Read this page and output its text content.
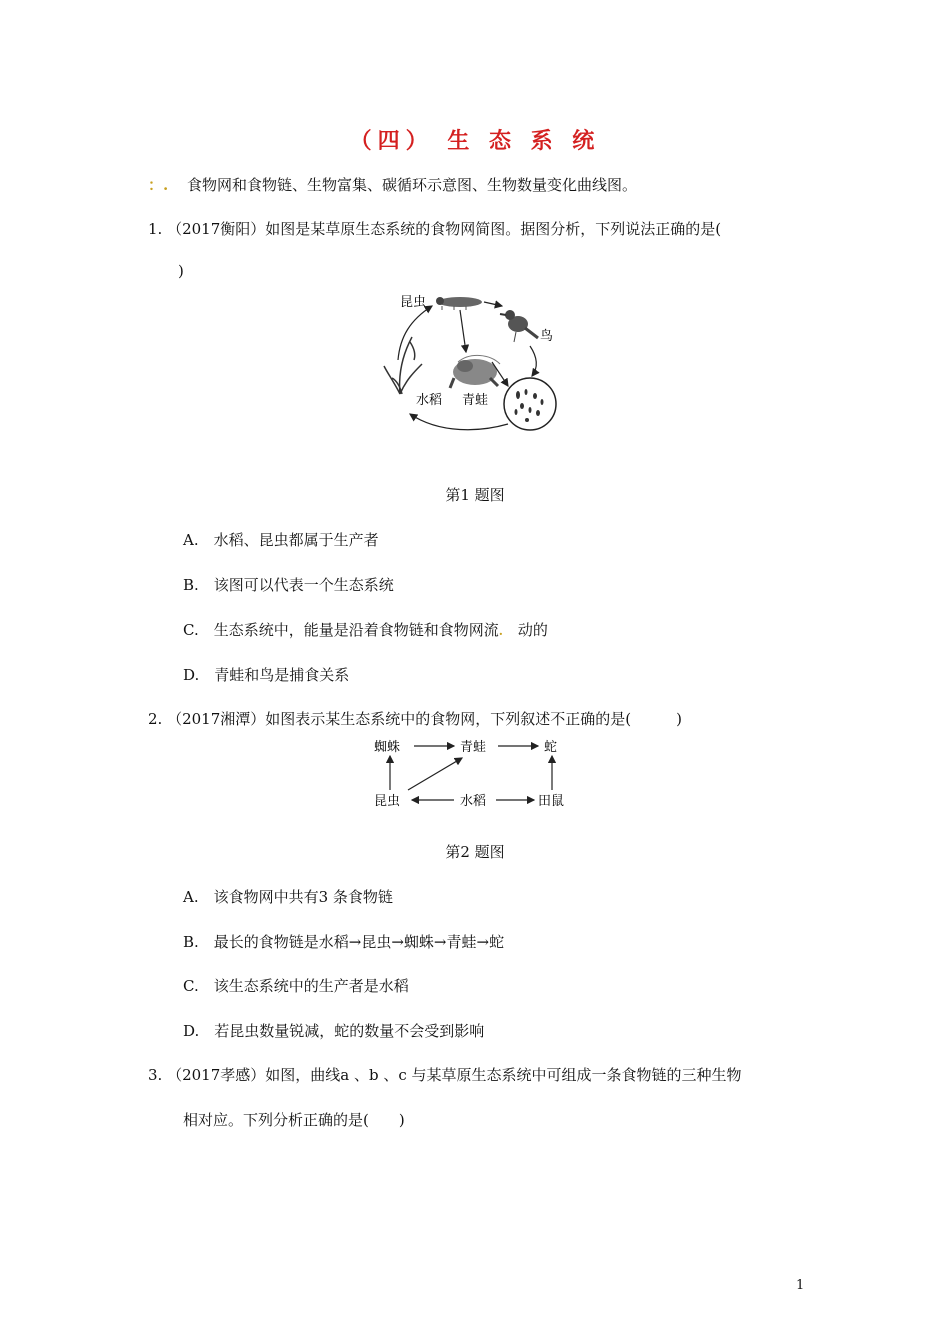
（四） 生 态 系 统
：. 食物网和食物链、生物富集、碳循环示意图、生物数量变化曲线图。
1. （2017衡阳）如图是某草原生态系统的食物网简图。据图分析，下列说法正确的是(
)
昆虫
鸟
水稻 青蛙
第1 题图
A.　水稻、昆虫都属于生产者
B.　该图可以代表一个生态系统
C.　生态系统中，能量是沿着食物链和食物网流.  动的
D.　青蛙和鸟是捕食关系
2. （2017湘潭）如图表示某生态系统中的食物网，下列叙述不正确的是(　　　)
蜘蛛	青蛙	蛇
昆虫	水稻	田鼠
第2 题图
A.　该食物网中共有3 条食物链
B.　最长的食物链是水稻→昆虫→蜘蛛→青蛙→蛇
C.　该生态系统中的生产者是水稻
D.　若昆虫数量锐减，蛇的数量不会受到影响
3. （2017孝感）如图，曲线a 、b 、c 与某草原生态系统中可组成一条食物链的三种生物
相对应。下列分析正确的是(　　)
1
